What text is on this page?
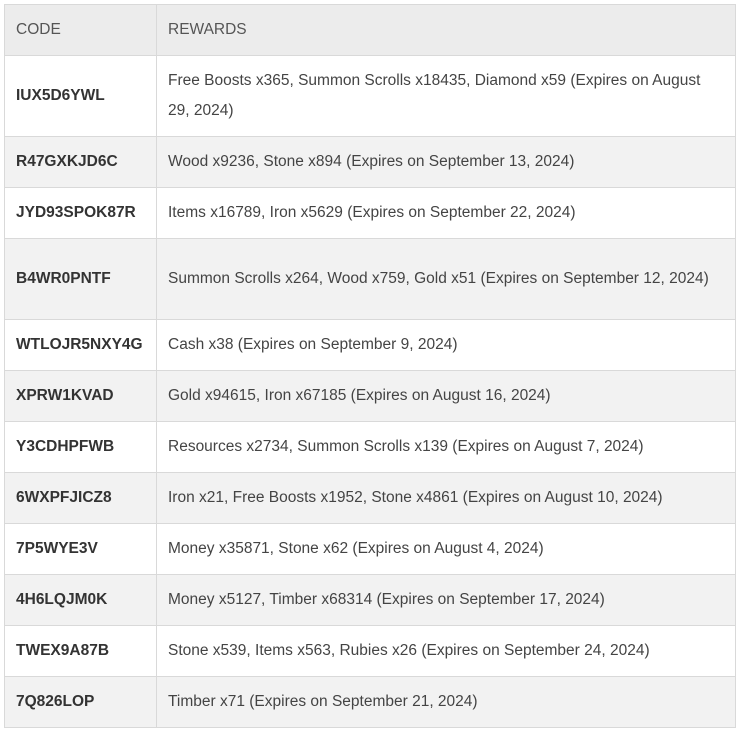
CODE	REWARDS
IUX5D6YWL	Free Boosts x365, Summon Scrolls x18435, Diamond x59 (Expires on August 29, 2024)
R47GXKJD6C	Wood x9236, Stone x894 (Expires on September 13, 2024)
JYD93SPOK87R	Items x16789, Iron x5629 (Expires on September 22, 2024)
B4WR0PNTF	Summon Scrolls x264, Wood x759, Gold x51 (Expires on September 12, 2024)
WTLOJR5NXY4G	Cash x38 (Expires on September 9, 2024)
XPRW1KVAD	Gold x94615, Iron x67185 (Expires on August 16, 2024)
Y3CDHPFWB	Resources x2734, Summon Scrolls x139 (Expires on August 7, 2024)
6WXPFJICZ8	Iron x21, Free Boosts x1952, Stone x4861 (Expires on August 10, 2024)
7P5WYE3V	Money x35871, Stone x62 (Expires on August 4, 2024)
4H6LQJM0K	Money x5127, Timber x68314 (Expires on September 17, 2024)
TWEX9A87B	Stone x539, Items x563, Rubies x26 (Expires on September 24, 2024)
7Q826LOP	Timber x71 (Expires on September 21, 2024)
